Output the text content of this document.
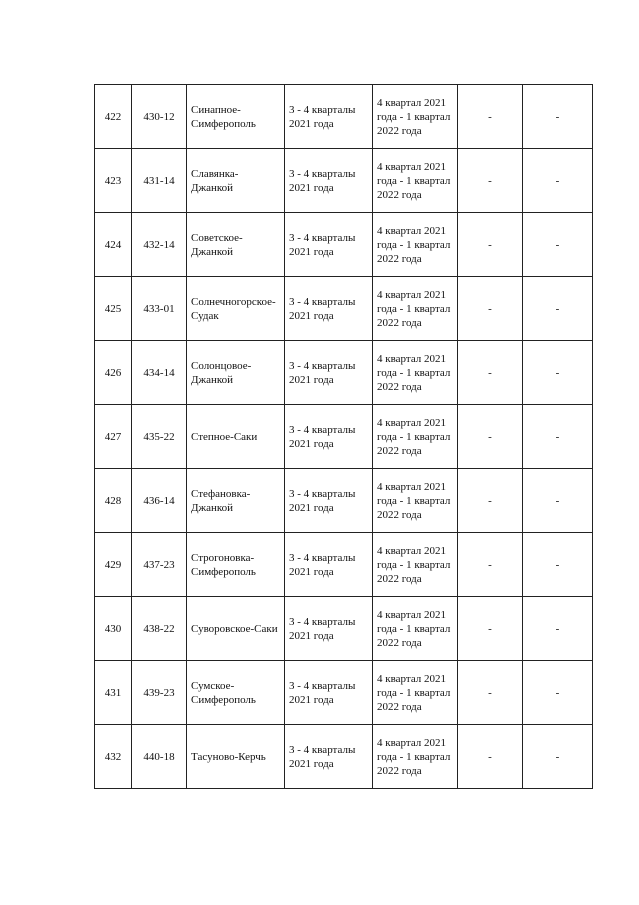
422	430-12	Синапное-Симферополь	3 - 4 кварталы 2021 года	4 квартал 2021 года - 1 квартал 2022 года	-	-
423	431-14	Славянка-Джанкой	3 - 4 кварталы 2021 года	4 квартал 2021 года - 1 квартал 2022 года	-	-
424	432-14	Советское-Джанкой	3 - 4 кварталы 2021 года	4 квартал 2021 года - 1 квартал 2022 года	-	-
425	433-01	Солнечногорское-Судак	3 - 4 кварталы 2021 года	4 квартал 2021 года - 1 квартал 2022 года	-	-
426	434-14	Солонцовое-Джанкой	3 - 4 кварталы 2021 года	4 квартал 2021 года - 1 квартал 2022 года	-	-
427	435-22	Степное-Саки	3 - 4 кварталы 2021 года	4 квартал 2021 года - 1 квартал 2022 года	-	-
428	436-14	Стефановка-Джанкой	3 - 4 кварталы 2021 года	4 квартал 2021 года - 1 квартал 2022 года	-	-
429	437-23	Строгоновка-Симферополь	3 - 4 кварталы 2021 года	4 квартал 2021 года - 1 квартал 2022 года	-	-
430	438-22	Суворовское-Саки	3 - 4 кварталы 2021 года	4 квартал 2021 года - 1 квартал 2022 года	-	-
431	439-23	Сумское-Симферополь	3 - 4 кварталы 2021 года	4 квартал 2021 года - 1 квартал 2022 года	-	-
432	440-18	Тасуново-Керчь	3 - 4 кварталы 2021 года	4 квартал 2021 года - 1 квартал 2022 года	-	-
